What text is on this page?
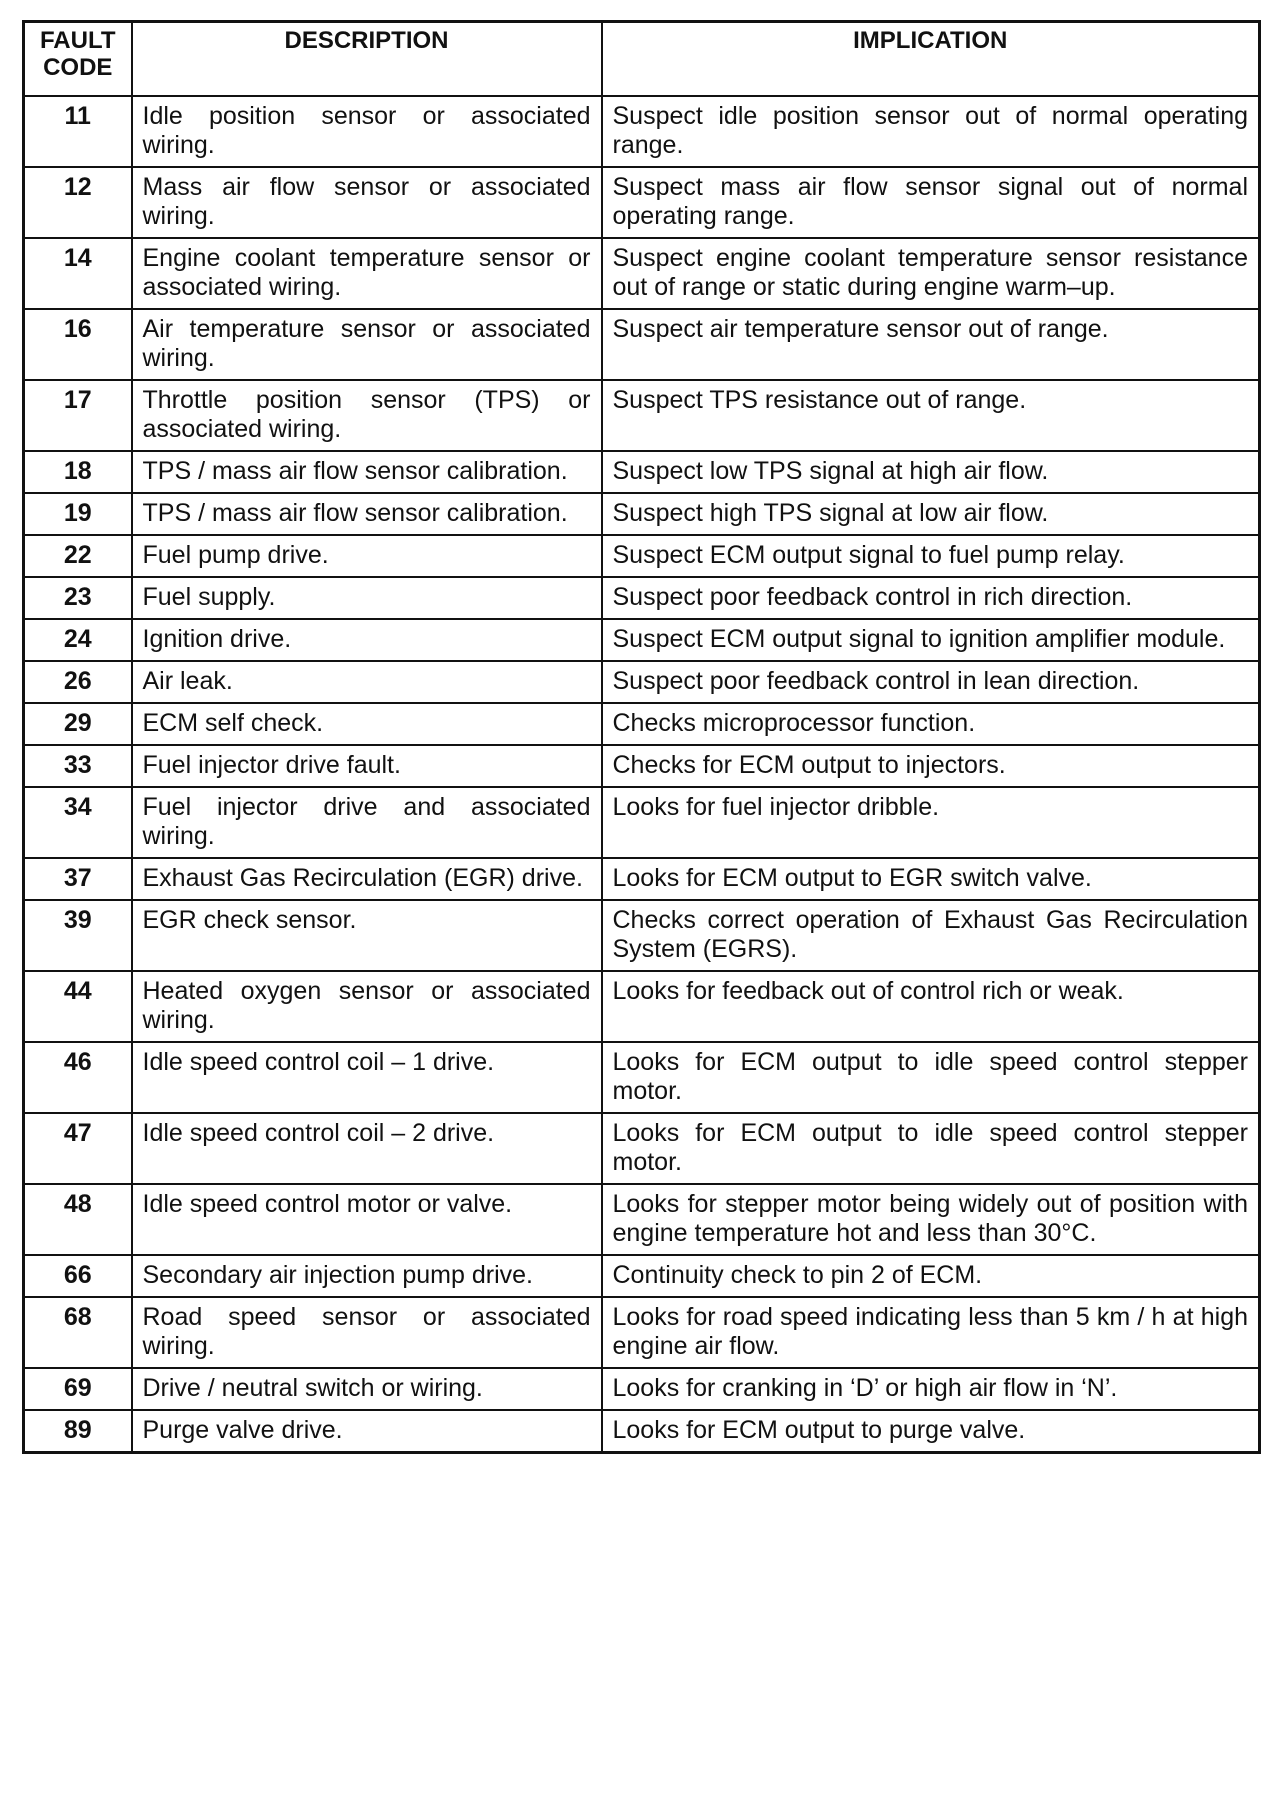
FAULT
CODE	DESCRIPTION	IMPLICATION
11	Idle position sensor or associated wiring.	Suspect idle position sensor out of normal operating range.
12	Mass air flow sensor or associated wiring.	Suspect mass air flow sensor signal out of normal operating range.
14	Engine coolant temperature sensor or associated wiring.	Suspect engine coolant temperature sensor resistance out of range or static during engine warm–up.
16	Air temperature sensor or associated wiring.	Suspect air temperature sensor out of range.
17	Throttle position sensor (TPS) or associated wiring.	Suspect TPS resistance out of range.
18	TPS / mass air flow sensor calibration.	Suspect low TPS signal at high air flow.
19	TPS / mass air flow sensor calibration.	Suspect high TPS signal at low air flow.
22	Fuel pump drive.	Suspect ECM output signal to fuel pump relay.
23	Fuel supply.	Suspect poor feedback control in rich direction.
24	Ignition drive.	Suspect ECM output signal to ignition amplifier module.
26	Air leak.	Suspect poor feedback control in lean direction.
29	ECM self check.	Checks microprocessor function.
33	Fuel injector drive fault.	Checks for ECM output to injectors.
34	Fuel injector drive and associated wiring.	Looks for fuel injector dribble.
37	Exhaust Gas Recirculation (EGR) drive.	Looks for ECM output to EGR switch valve.
39	EGR check sensor.	Checks correct operation of Exhaust Gas Recirculation System (EGRS).
44	Heated oxygen sensor or associated wiring.	Looks for feedback out of control rich or weak.
46	Idle speed control coil – 1 drive.	Looks for ECM output to idle speed control stepper motor.
47	Idle speed control coil – 2 drive.	Looks for ECM output to idle speed control stepper motor.
48	Idle speed control motor or valve.	Looks for stepper motor being widely out of position with engine temperature hot and less than 30°C.
66	Secondary air injection pump drive.	Continuity check to pin 2 of ECM.
68	Road speed sensor or associated wiring.	Looks for road speed indicating less than 5 km / h at high engine air flow.
69	Drive / neutral switch or wiring.	Looks for cranking in ‘D’ or high air flow in ‘N’.
89	Purge valve drive.	Looks for ECM output to purge valve.
